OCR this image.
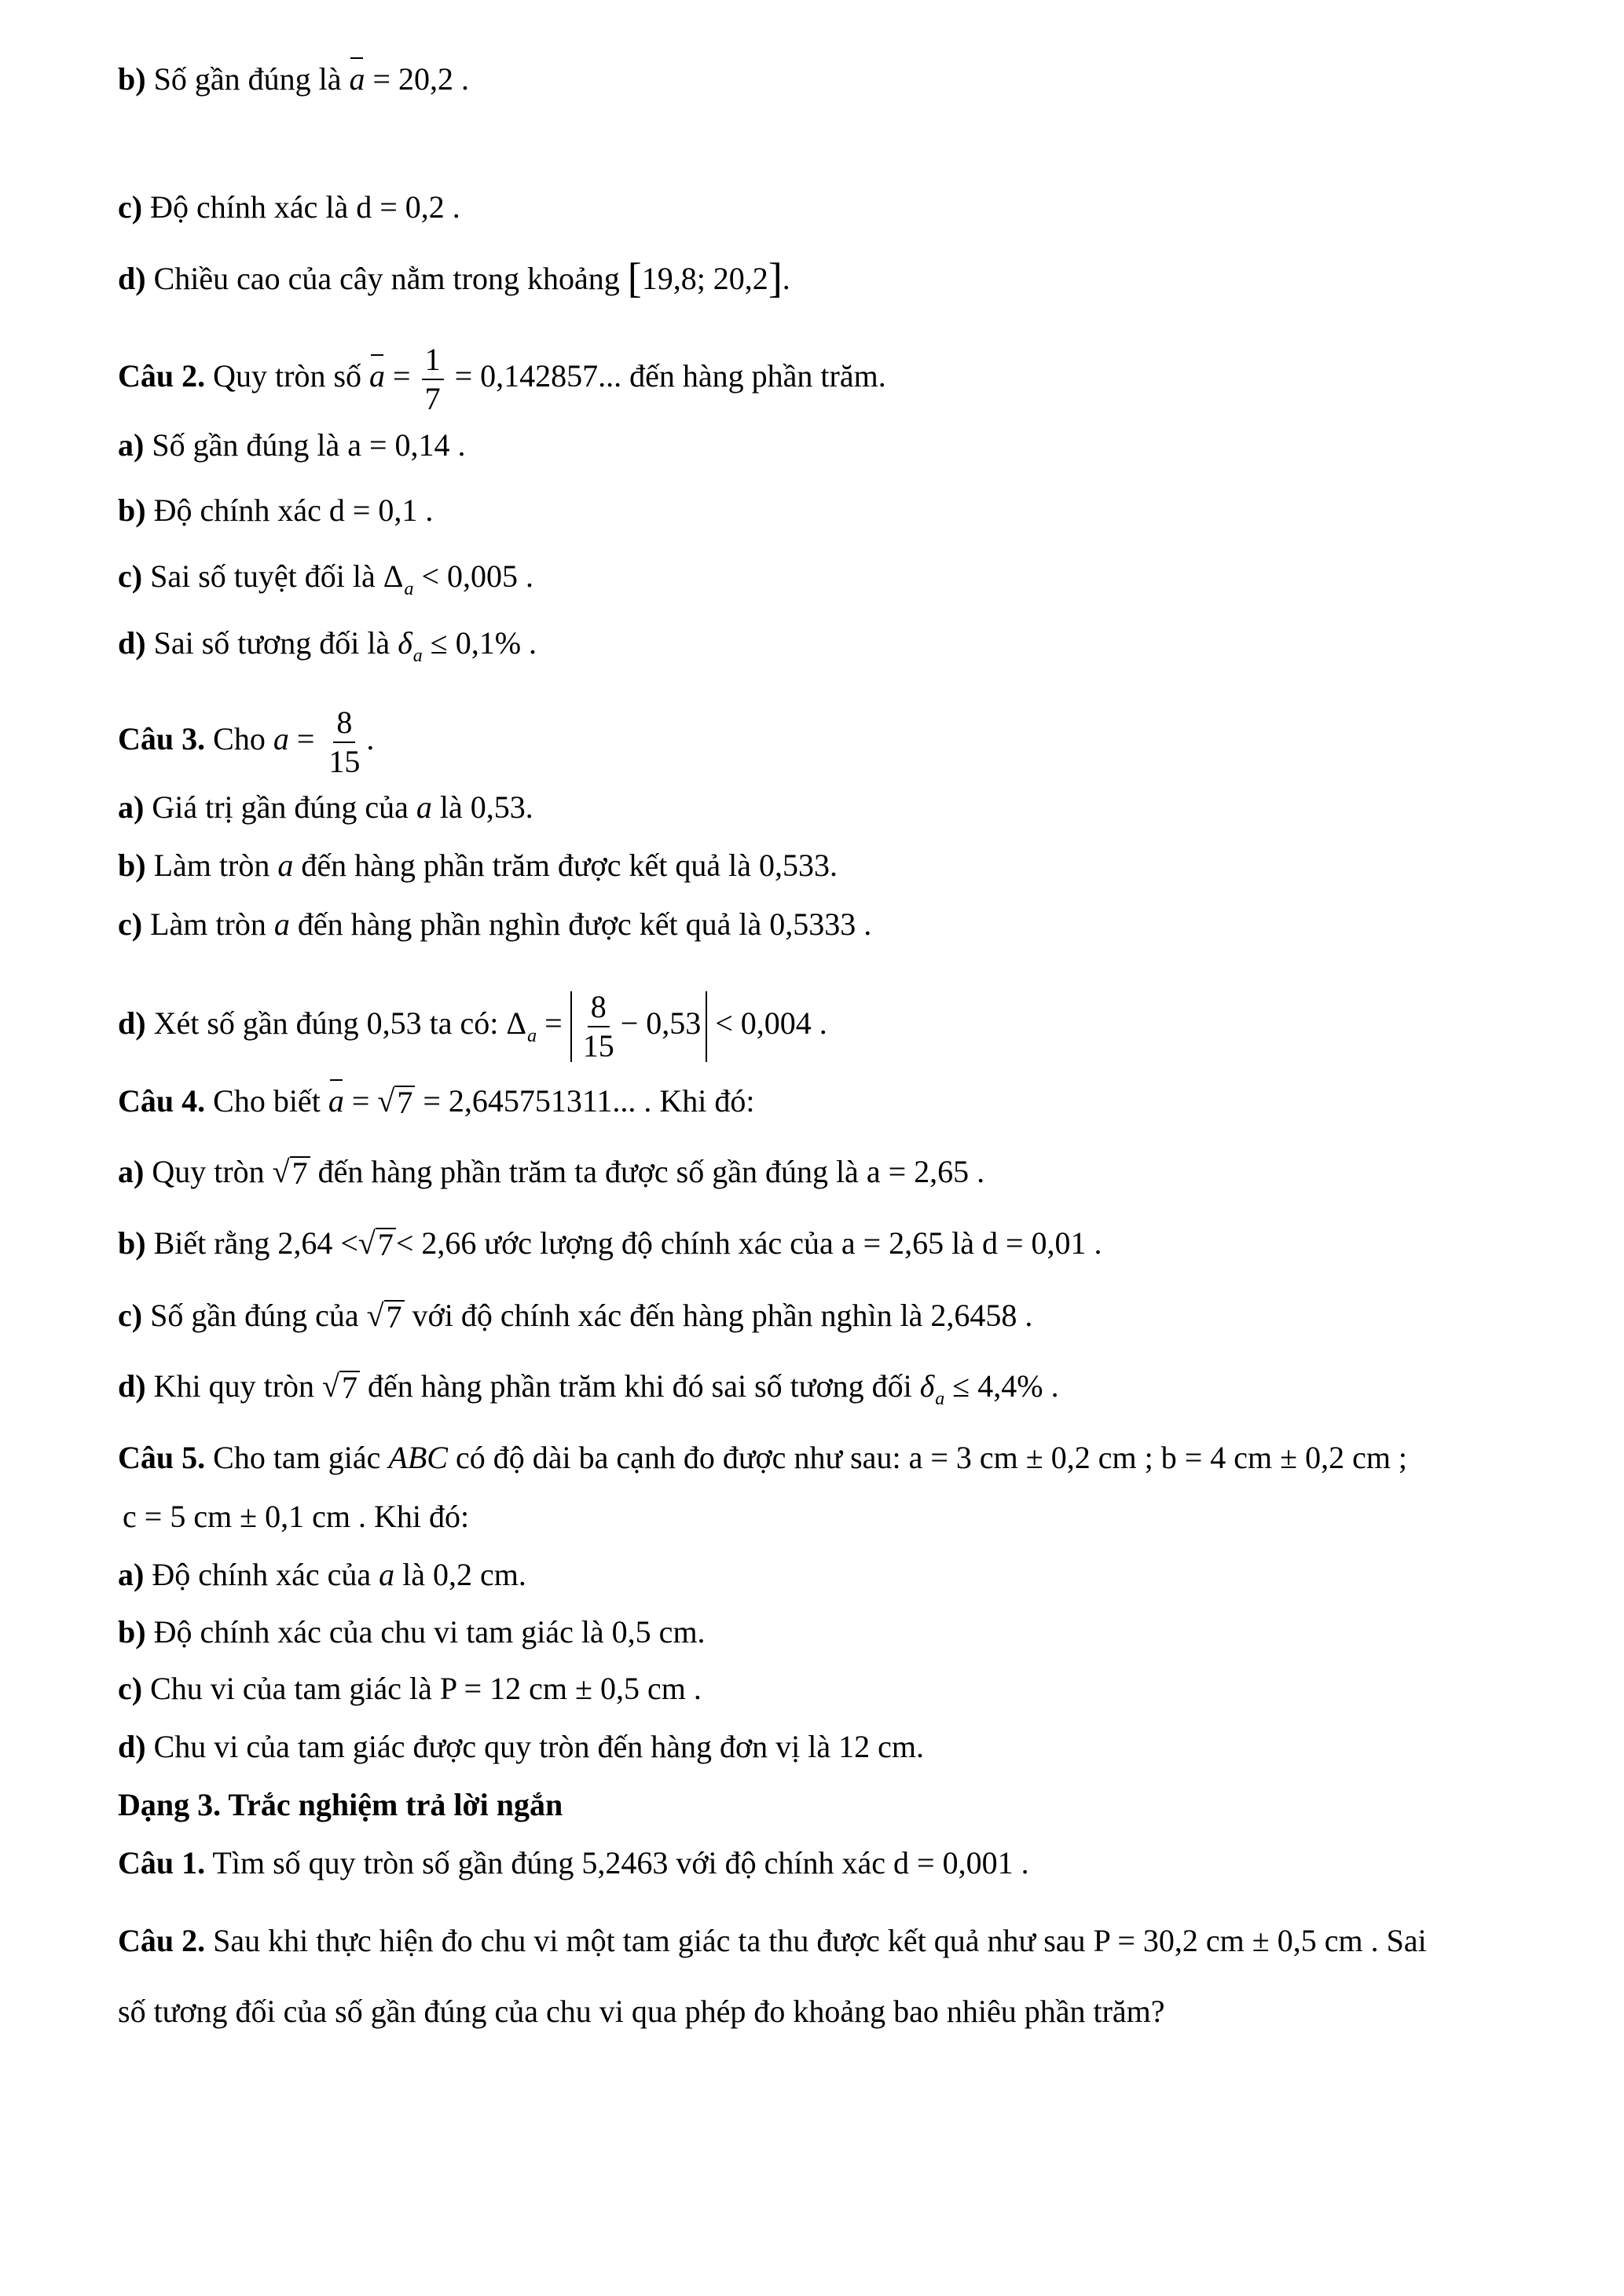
b) Số gần đúng là a = 20,2 .
c) Độ chính xác là d = 0,2 .
d) Chiều cao của cây nằm trong khoảng [19,8; 20,2].
Câu 2. Quy tròn số $a = \frac{1}{7} = 0,142857$... đến hàng phần trăm.
a) Số gần đúng là a = 0,14 .
b) Độ chính xác d = 0,1 .
c) Sai số tuyệt đối là $\Delta_a < 0,005$ .
d) Sai số tương đối là $\delta_a \le 0,1\%$ .
Câu 3. Cho $a = \frac{8}{15}$ .
a) Giá trị gần đúng của a là 0,53.
b) Làm tròn a đến hàng phần trăm được kết quả là 0,533.
c) Làm tròn a đến hàng phần nghìn được kết quả là 0,5333 .
d) Xét số gần đúng 0,53 ta có: $\Delta_a = \frac{8}{15} - 0,53 < 0,004$ .
Câu 4. Cho biết a = √ 7 = 2,645751311... . Khi đó:
a) Quy tròn √ 7 đến hàng phần trăm ta được số gần đúng là a = 2,65 .
b) Biết rằng 2,64 < √ 7 < 2,66 ước lượng độ chính xác của a = 2,65 là d = 0,01 .
c) Số gần đúng của √ 7 với độ chính xác đến hàng phần nghìn là 2,6458 .
d) Khi quy tròn √ 7 đến hàng phần trăm khi đó sai số tương đối $\delta_a \le 4,4\%$ .
Câu 5. Cho tam giác ABC có độ dài ba cạnh đo được như sau: a = 3 cm ± 0,2 cm ; b = 4 cm ± 0,2 cm ;
c = 5 cm ± 0,1 cm . Khi đó:
a) Độ chính xác của a là 0,2 cm.
b) Độ chính xác của chu vi tam giác là 0,5 cm.
c) Chu vi của tam giác là P = 12 cm ± 0,5 cm .
d) Chu vi của tam giác được quy tròn đến hàng đơn vị là 12 cm.
Dạng 3. Trắc nghiệm trả lời ngắn
Câu 1. Tìm số quy tròn số gần đúng 5,2463 với độ chính xác d = 0,001 .
Câu 2. Sau khi thực hiện đo chu vi một tam giác ta thu được kết quả như sau P = 30,2 cm ± 0,5 cm . Sai
số tương đối của số gần đúng của chu vi qua phép đo khoảng bao nhiêu phần trăm?
